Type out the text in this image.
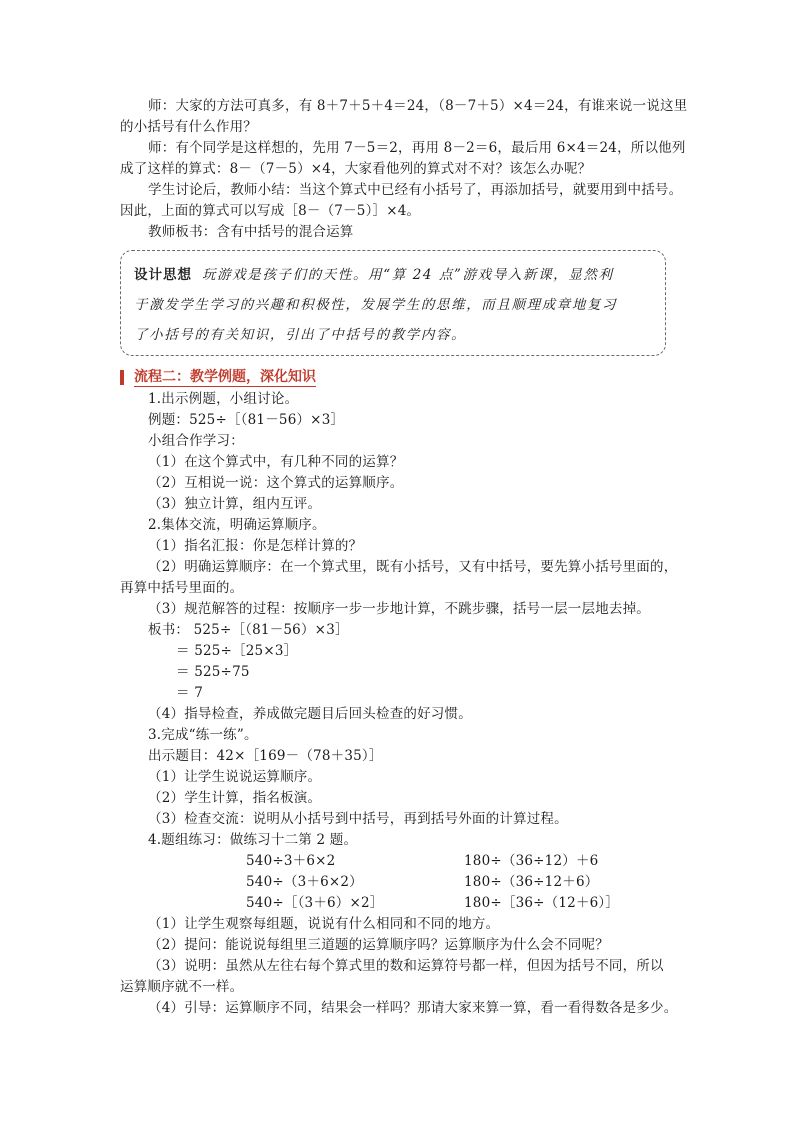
师：大家的方法可真多，有 8＋7＋5＋4＝24，（8－7＋5）×4＝24，有谁来说一说这里
的小括号有什么作用？
师：有个同学是这样想的，先用 7－5＝2，再用 8－2＝6，最后用 6×4＝24，所以他列
成了这样的算式：8－（7－5）×4，大家看他列的算式对不对？该怎么办呢？
学生讨论后，教师小结：当这个算式中已经有小括号了，再添加括号，就要用到中括号。
因此，上面的算式可以写成［8－（7－5）］×4。
教师板书：含有中括号的混合运算
设计思想 玩游戏是孩子们的天性。用“算 24 点”游戏导入新课，显然利
于激发学生学习的兴趣和积极性，发展学生的思维，而且顺理成章地复习
了小括号的有关知识，引出了中括号的教学内容。
流程二：教学例题，深化知识
1.出示例题，小组讨论。
例题：525÷［（81－56）×3］
小组合作学习：
（1）在这个算式中，有几种不同的运算？
（2）互相说一说：这个算式的运算顺序。
（3）独立计算，组内互评。
2.集体交流，明确运算顺序。
（1）指名汇报：你是怎样计算的？
（2）明确运算顺序：在一个算式里，既有小括号，又有中括号，要先算小括号里面的，
再算中括号里面的。
（3）规范解答的过程：按顺序一步一步地计算，不跳步骤，括号一层一层地去掉。
板书： 525÷［（81－56）×3］
＝ 525÷［25×3］
＝ 525÷75
＝ 7
（4）指导检查，养成做完题目后回头检查的好习惯。
3.完成“练一练”。
出示题目：42×［169－（78＋35）］
（1）让学生说说运算顺序。
（2）学生计算，指名板演。
（3）检查交流：说明从小括号到中括号，再到括号外面的计算过程。
4.题组练习：做练习十二第 2 题。
540÷3＋6×2
540÷（3＋6×2）
540÷［（3＋6）×2］
180÷（36÷12）＋6
180÷（36÷12＋6）
180÷［36÷（12＋6）］
（1）让学生观察每组题，说说有什么相同和不同的地方。
（2）提问：能说说每组里三道题的运算顺序吗？运算顺序为什么会不同呢？
（3）说明：虽然从左往右每个算式里的数和运算符号都一样，但因为括号不同，所以
运算顺序就不一样。
（4）引导：运算顺序不同，结果会一样吗？那请大家来算一算，看一看得数各是多少。
